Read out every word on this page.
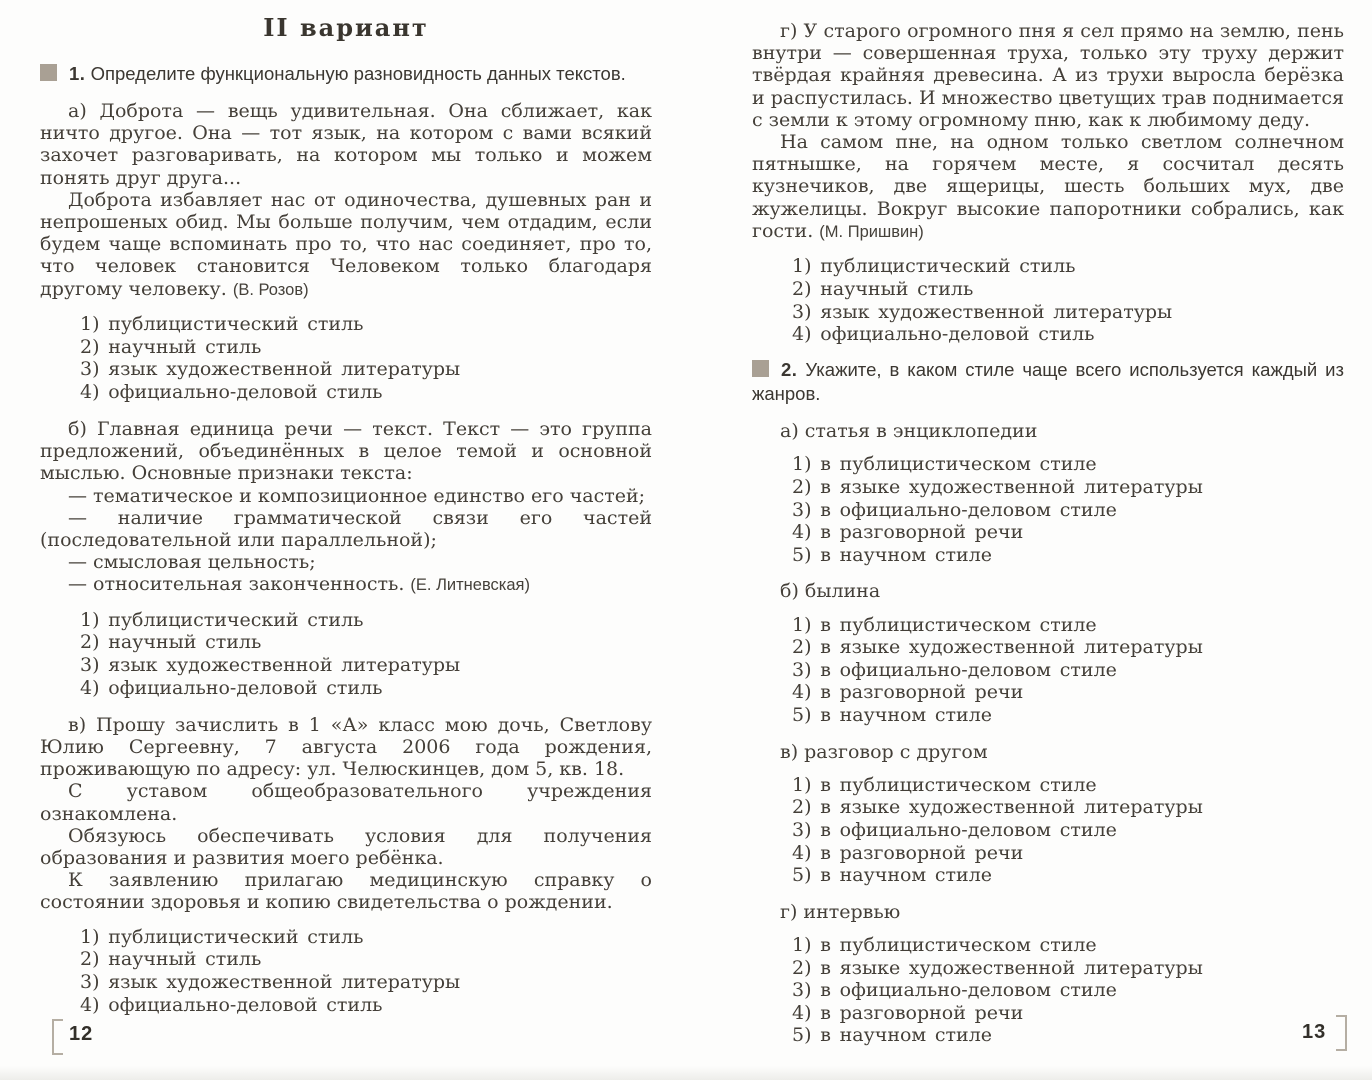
II вариант

1. Определите функциональную разновидность данных текстов.

а) Доброта — вещь удивительная. Она сближает, как ничто другое. Она — тот язык, на котором с вами всякий захочет разговаривать, на котором мы только и можем понять друг друга...

Доброта избавляет нас от одиночества, душевных ран и непрошеных обид. Мы больше получим, чем отдадим, если будем чаще вспоминать про то, что нас соединяет, про то, что человек становится Человеком только благодаря другому человеку. (В. Розов)

1) публицистический стиль
2) научный стиль
3) язык художественной литературы
4) официально-деловой стиль

б) Главная единица речи — текст. Текст — это группа предложений, объединённых в целое темой и основной мыслью. Основные признаки текста:

— тематическое и композиционное единство его частей;

— наличие грамматической связи его частей (последовательной или параллельной);

— смысловая цельность;

— относительная законченность. (Е. Литневская)

1) публицистический стиль
2) научный стиль
3) язык художественной литературы
4) официально-деловой стиль

в) Прошу зачислить в 1 «А» класс мою дочь, Светлову Юлию Сергеевну, 7 августа 2006 года рождения, проживающую по адресу: ул. Челюскинцев, дом 5, кв. 18.

С уставом общеобразовательного учреждения ознакомлена.

Обязуюсь обеспечивать условия для получения образования и развития моего ребёнка.

К заявлению прилагаю медицинскую справку о состоянии здоровья и копию свидетельства о рождении.

1) публицистический стиль
2) научный стиль
3) язык художественной литературы
4) официально-деловой стиль

г) У старого огромного пня я сел прямо на землю, пень внутри — совершенная труха, только эту труху держит твёрдая крайняя древесина. А из трухи выросла берёзка и распустилась. И множество цветущих трав поднимается с земли к этому огромному пню, как к любимому деду.

На самом пне, на одном только светлом солнечном пятнышке, на горячем месте, я сосчитал десять кузнечиков, две ящерицы, шесть больших мух, две жужелицы. Вокруг высокие папоротники собрались, как гости. (М. Пришвин)

1) публицистический стиль
2) научный стиль
3) язык художественной литературы
4) официально-деловой стиль

2. Укажите, в каком стиле чаще всего используется каждый из жанров.

а) статья в энциклопедии

1) в публицистическом стиле
2) в языке художественной литературы
3) в официально-деловом стиле
4) в разговорной речи
5) в научном стиле

б) былина

1) в публицистическом стиле
2) в языке художественной литературы
3) в официально-деловом стиле
4) в разговорной речи
5) в научном стиле

в) разговор с другом

1) в публицистическом стиле
2) в языке художественной литературы
3) в официально-деловом стиле
4) в разговорной речи
5) в научном стиле

г) интервью

1) в публицистическом стиле
2) в языке художественной литературы
3) в официально-деловом стиле
4) в разговорной речи
5) в научном стиле
12	13
